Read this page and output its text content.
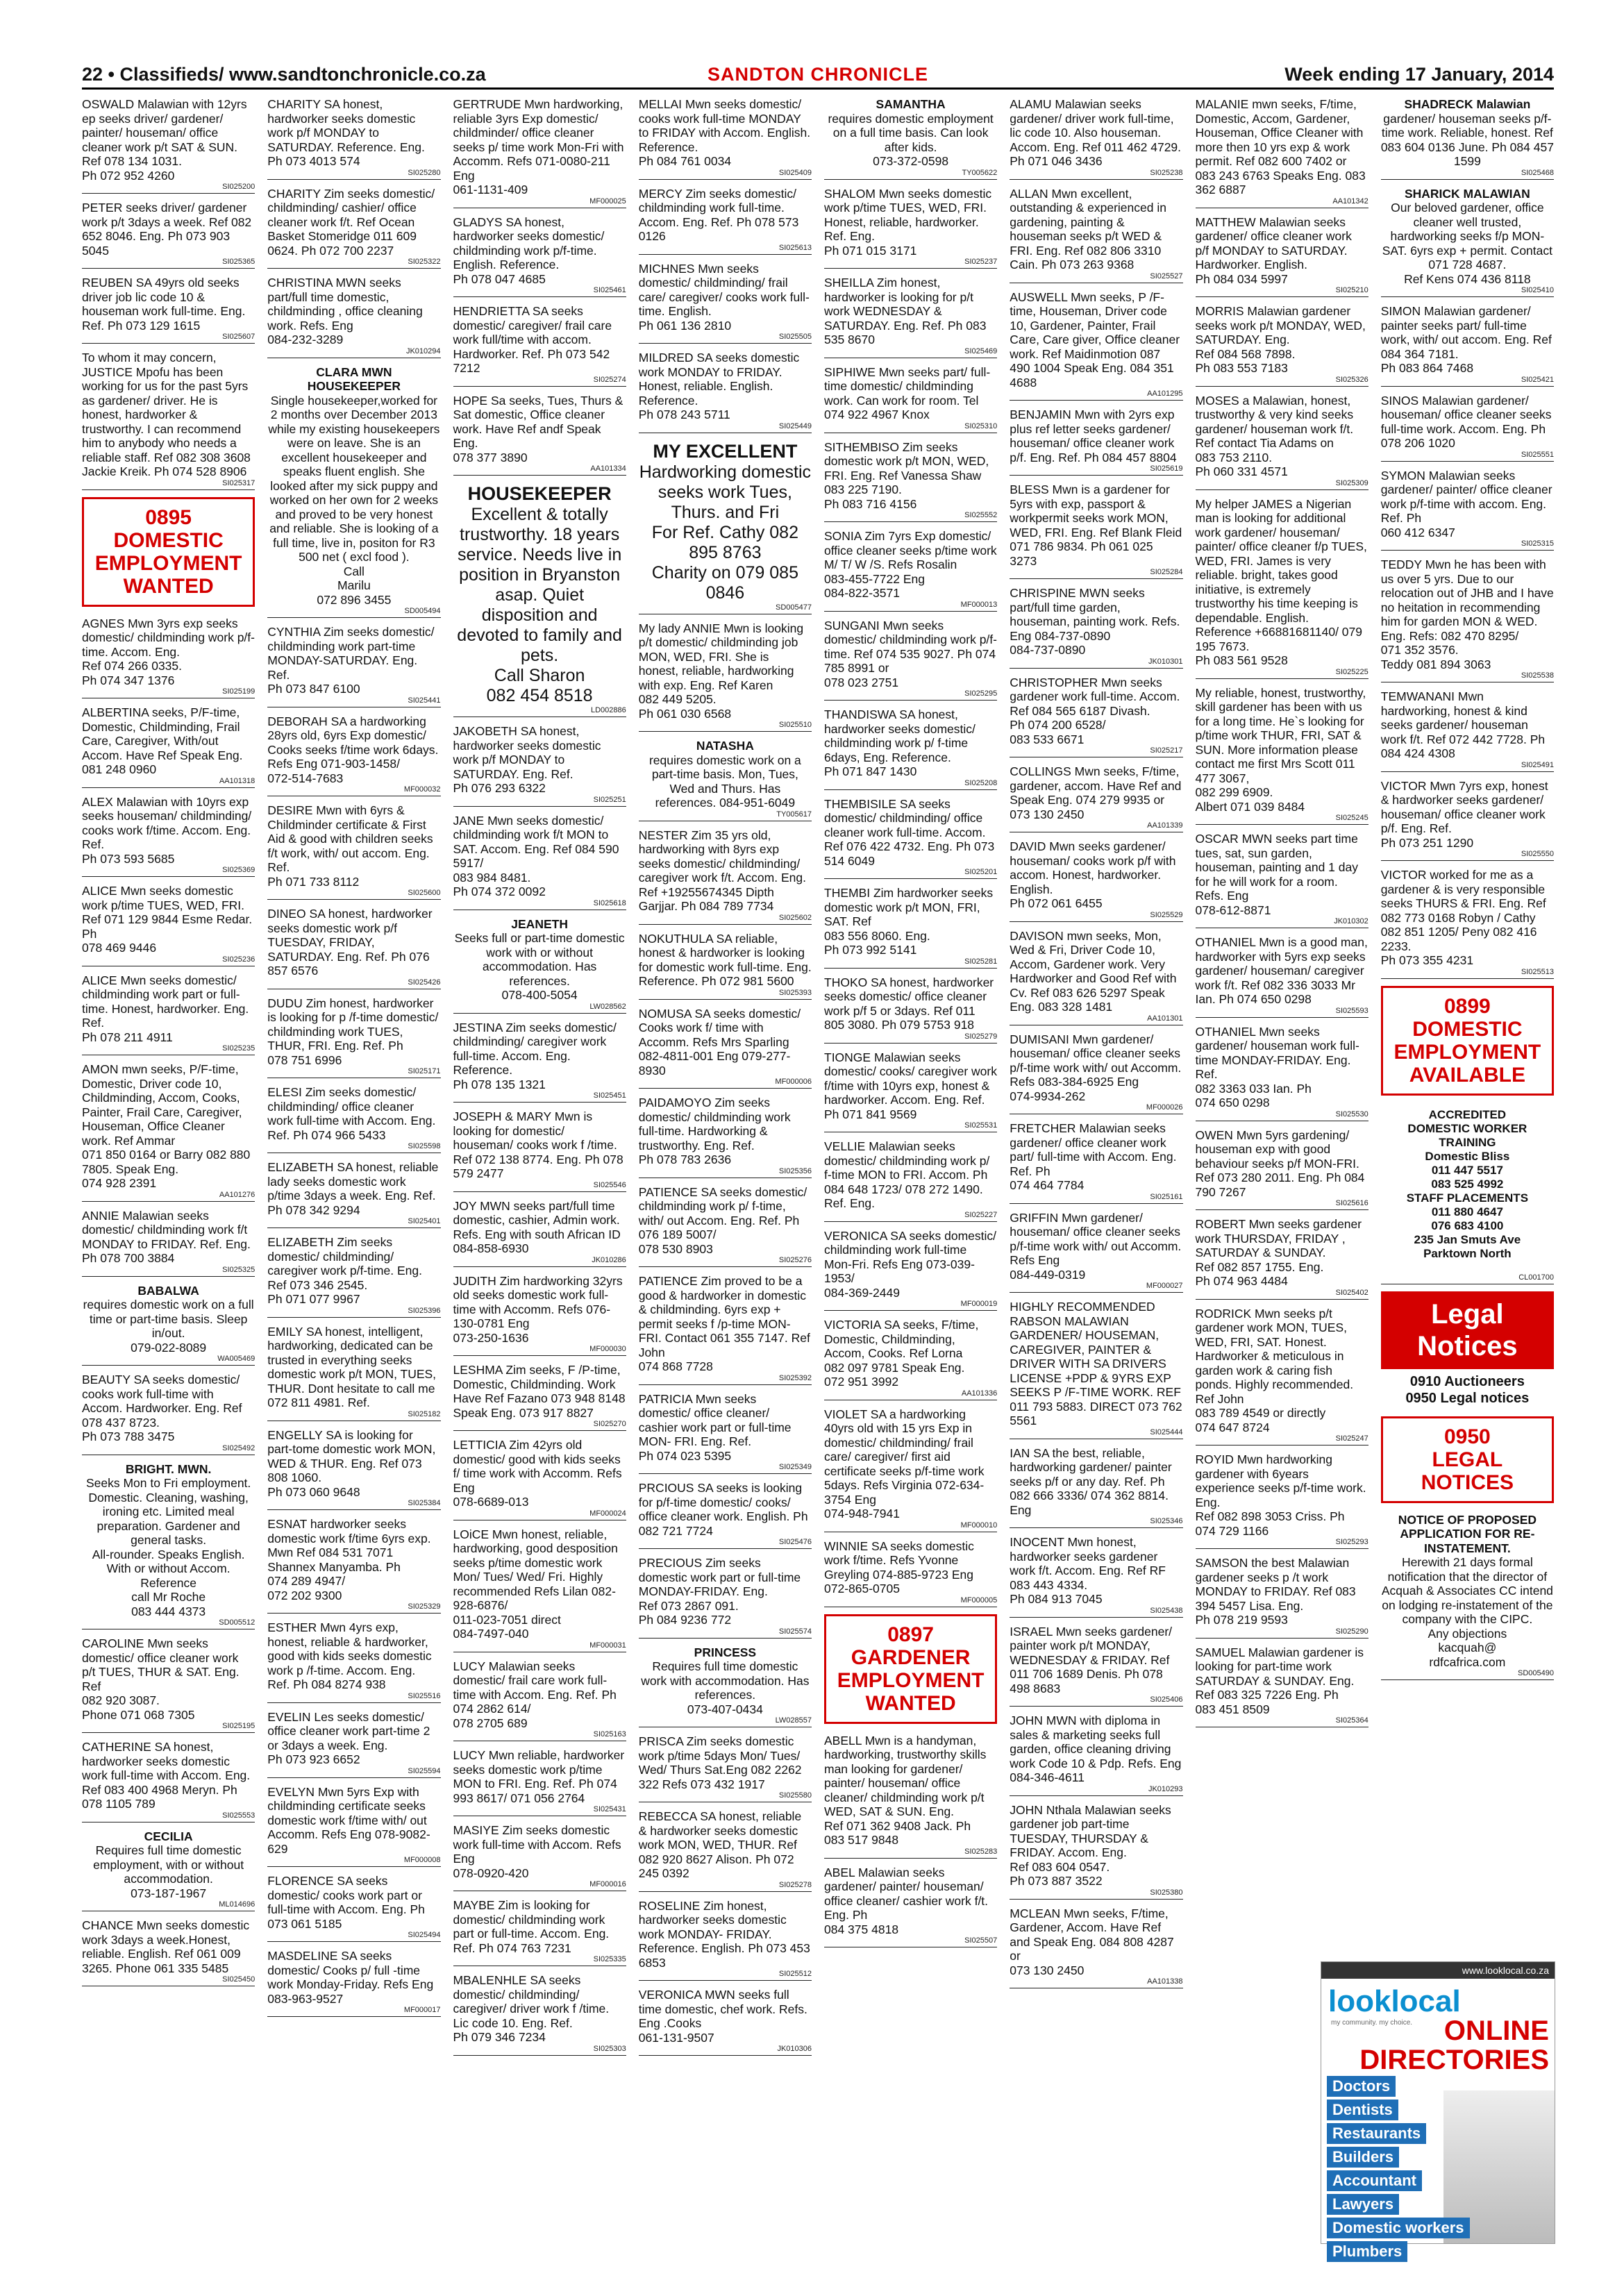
22 • Classifieds/ www.sandtonchronicle.co.za	SANDTON CHRONICLE	Week ending 17 January, 2014
OSWALD Malawian with 12yrs ep seeks driver/ gardener/ painter/ houseman/ office cleaner work p/t SAT & SUN. Ref 078 134 1031.
Ph 072 952 4260
SI025200
PETER seeks driver/ gardener work p/t 3days a week. Ref 082 652 8046. Eng. Ph 073 903 5045
SI025365
REUBEN SA 49yrs old seeks driver job lic code 10 & houseman work full-time. Eng. Ref. Ph 073 129 1615
SI025607
To whom it may concern, JUSTICE Mpofu has been working for us for the past 5yrs as gardener/ driver. He is honest, hardworker & trustworthy. I can recommend him to anybody who needs a reliable staff. Ref 082 308 3608 Jackie Kreik. Ph 074 528 8906
SI025317
0895
DOMESTIC
EMPLOYMENT
WANTED
AGNES Mwn 3yrs exp seeks domestic/ childminding work p/f-time. Accom. Eng.
Ref 074 266 0335.
Ph 074 347 1376
SI025199
ALBERTINA seeks, P/F-time, Domestic, Childminding, Frail Care, Caregiver, With/out Accom. Have Ref Speak Eng.
081 248 0960
AA101318
ALEX Malawian with 10yrs exp seeks houseman/ childminding/ cooks work f/time. Accom. Eng. Ref.
Ph 073 593 5685
SI025369
ALICE Mwn seeks domestic work p/time TUES, WED, FRI. Ref 071 129 9844 Esme Redar. Ph
078 469 9446
SI025236
ALICE Mwn seeks domestic/ childminding work part or full-time. Honest, hardworker. Eng. Ref.
Ph 078 211 4911
SI025235
AMON mwn seeks, P/F-time, Domestic, Driver code 10, Childminding, Accom, Cooks, Painter, Frail Care, Caregiver, Houseman, Office Cleaner work. Ref Ammar
071 850 0164 or Barry 082 880 7805. Speak Eng.
074 928 2391
AA101276
ANNIE Malawian seeks domestic/ childminding work f/t MONDAY to FRIDAY. Ref. Eng. Ph 078 700 3884
SI025325
BABALWA
requires domestic work on a full time or part-time basis. Sleep in/out.
079-022-8089
WA005469
BEAUTY SA seeks domestic/ cooks work full-time with Accom. Hardworker. Eng. Ref 078 437 8723.
Ph 073 788 3475
SI025492
BRIGHT. MWN.
Seeks Mon to Fri employment.
Domestic. Cleaning, washing, ironing etc. Limited meal preparation. Gardener and general tasks.
All-rounder. Speaks English.
With or without Accom.
Reference
call Mr Roche
083 444 4373
SD005512
CAROLINE Mwn seeks domestic/ office cleaner work p/t TUES, THUR & SAT. Eng. Ref
082 920 3087.
Phone 071 068 7305
SI025195
CATHERINE SA honest, hardworker seeks domestic work full-time with Accom. Eng. Ref 083 400 4968 Meryn. Ph 078 1105 789
SI025553
CECILIA
Requires full time domestic employment, with or without accommodation.
073-187-1967
ML014696
CHANCE Mwn seeks domestic work 3days a week.Honest, reliable. English. Ref 061 009 3265. Phone 061 335 5485
SI025450
CHARITY SA honest, hardworker seeks domestic work p/f MONDAY to SATURDAY. Reference. Eng. Ph 073 4013 574
SI025280
CHARITY Zim seeks domestic/ childminding/ cashier/ office cleaner work f/t. Ref Ocean Basket Stomeridge 011 609 0624. Ph 072 700 2237
SI025322
CHRISTINA MWN seeks part/full time domestic, childminding , office cleaning work. Refs. Eng
084-232-3289
JK010294
CLARA MWN
HOUSEKEEPER
Single housekeeper,worked for 2 months over December 2013 while my existing housekeepers were on leave. She is an excellent housekeeper and speaks fluent english. She looked after my sick puppy and worked on her own for 2 weeks and proved to be very honest and reliable. She is looking of a full time, live in, positon for R3 500 net ( excl food ).
Call
Marilu
072 896 3455
SD005494
CYNTHIA Zim seeks domestic/ childminding work part-time MONDAY-SATURDAY. Eng. Ref.
Ph 073 847 6100
SI025441
DEBORAH SA a hardworking 28yrs old, 6yrs Exp domestic/ Cooks seeks f/time work 6days. Refs Eng 071-903-1458/
072-514-7683
MF000032
DESIRE Mwn with 6yrs & Childminder certificate & First Aid & good with children seeks f/t work, with/ out accom. Eng. Ref.
Ph 071 733 8112
SI025600
DINEO SA honest, hardworker seeks domestic work p/f TUESDAY, FRIDAY, SATURDAY. Eng. Ref. Ph 076 857 6576
SI025426
DUDU Zim honest, hardworker is looking for p /f-time domestic/ childminding work TUES, THUR, FRI. Eng. Ref. Ph
078 751 6996
SI025171
ELESI Zim seeks domestic/ childminding/ office cleaner work full-time with Accom. Eng. Ref. Ph 074 966 5433
SI025598
ELIZABETH SA honest, reliable lady seeks domestic work p/time 3days a week. Eng. Ref. Ph 078 342 9294
SI025401
ELIZABETH Zim seeks domestic/ childminding/ caregiver work p/f-time. Eng. Ref 073 346 2545.
Ph 071 077 9967
SI025396
EMILY SA honest, intelligent, hardworking, dedicated can be trusted in everything seeks domestic work p/t MON, TUES, THUR. Dont hesitate to call me 072 811 4981. Ref.
SI025182
ENGELLY SA is looking for part-tome domestic work MON, WED & THUR. Eng. Ref 073 808 1060.
Ph 073 060 9648
SI025384
ESNAT hardworker seeks domestic work f/time 6yrs exp. Mwn Ref 084 531 7071 Shannex Manyamba. Ph
074 289 4947/
072 202 9300
SI025329
ESTHER Mwn 4yrs exp, honest, reliable & hardworker, good with kids seeks domestic work p /f-time. Accom. Eng. Ref. Ph 084 8274 938
SI025516
EVELIN Les seeks domestic/ office cleaner work part-time 2 or 3days a week. Eng.
Ph 073 923 6652
SI025594
EVELYN Mwn 5yrs Exp with childminding certificate seeks domestic work f/time with/ out Accomm. Refs Eng 078-9082-629
MF000008
FLORENCE SA seeks domestic/ cooks work part or full-time with Accom. Eng. Ph 073 061 5185
SI025494
MASDELINE SA seeks domestic/ Cooks p/ full -time work Monday-Friday. Refs Eng 083-963-9527
MF000017
GERTRUDE Mwn hardworking, reliable 3yrs Exp domestic/ childminder/ office cleaner seeks p/ time work Mon-Fri with Accomm. Refs 071-0080-211 Eng
061-1131-409
MF000025
GLADYS SA honest, hardworker seeks domestic/ childminding work p/f-time. English. Reference.
Ph 078 047 4685
SI025461
HENDRIETTA SA seeks domestic/ caregiver/ frail care work full/time with accom. Hardworker. Ref. Ph 073 542 7212
SI025274
HOPE Sa seeks, Tues, Thurs & Sat domestic, Office cleaner work. Have Ref andf Speak Eng.
078 377 3890
AA101334
HOUSEKEEPER
Excellent & totally trustworthy. 18 years service. Needs live in position in Bryanston asap. Quiet disposition and devoted to family and pets.
Call Sharon
082 454 8518
LD002886
JAKOBETH SA honest, hardworker seeks domestic work p/f MONDAY to SATURDAY. Eng. Ref.
Ph 076 293 6322
SI025251
JANE Mwn seeks domestic/ childminding work f/t MON to SAT. Accom. Eng. Ref 084 590 5917/
083 984 8481.
Ph 074 372 0092
SI025618
JEANETH
Seeks full or part-time domestic work with or without accommodation. Has references.
078-400-5054
LW028562
JESTINA Zim seeks domestic/ childminding/ caregiver work full-time. Accom. Eng. Reference.
Ph 078 135 1321
SI025451
JOSEPH & MARY Mwn is looking for domestic/ houseman/ cooks work f /time. Ref 072 138 8774. Eng. Ph 078 579 2477
SI025546
JOY MWN seeks part/full time domestic, cashier, Admin work. Refs. Eng with south African ID
084-858-6930
JK010286
JUDITH Zim hardworking 32yrs old seeks domestic work full-time with Accomm. Refs 076-130-0781 Eng
073-250-1636
MF000030
LESHMA Zim seeks, F /P-time, Domestic, Childminding. Work Have Ref Fazano 073 948 8148 Speak Eng. 073 917 8827
SI025270
LETTICIA Zim 42yrs old domestic/ good with kids seeks f/ time work with Accomm. Refs Eng
078-6689-013
MF000024
LOiCE Mwn honest, reliable, hardworking, good desposition seeks p/time domestic work Mon/ Tues/ Wed/ Fri. Highly recommended Refs Lilan 082-928-6876/
011-023-7051 direct
084-7497-040
MF000031
LUCY Malawian seeks domestic/ frail care work full-time with Accom. Eng. Ref. Ph 074 2862 614/
078 2705 689
SI025163
LUCY Mwn reliable, hardworker seeks domestic work p/time MON to FRI. Eng. Ref. Ph 074 993 8617/ 071 056 2764
SI025431
MASIYE Zim seeks domestic work full-time with Accom. Refs Eng
078-0920-420
MF000016
MAYBE Zim is looking for domestic/ childminding work part or full-time. Accom. Eng. Ref. Ph 074 763 7231
SI025335
MBALENHLE SA seeks domestic/ childminding/ caregiver/ driver work f /time. Lic code 10. Eng. Ref.
Ph 079 346 7234
SI025303
MELLAI Mwn seeks domestic/ cooks work full-time MONDAY to FRIDAY with Accom. English. Reference.
Ph 084 761 0034
SI025409
MERCY Zim seeks domestic/ childminding work full-time. Accom. Eng. Ref. Ph 078 573 0126
SI025613
MICHNES Mwn seeks domestic/ childminding/ frail care/ caregiver/ cooks work full-time. English.
Ph 061 136 2810
SI025505
MILDRED SA seeks domestic work MONDAY to FRIDAY. Honest, reliable. English. Reference.
Ph 078 243 5711
SI025449
MY EXCELLENT
Hardworking domestic seeks work Tues, Thurs. and Fri
For Ref. Cathy 082 895 8763
Charity on 079 085 0846
SD005477
My lady ANNIE Mwn is looking p/t domestic/ childminding job MON, WED, FRI. She is honest, reliable, hardworking with exp. Eng. Ref Karen
082 449 5205.
Ph 061 030 6568
SI025510
NATASHA
requires domestic work on a part-time basis. Mon, Tues, Wed and Thurs. Has references. 084-951-6049
TY005617
NESTER Zim 35 yrs old, hardworking with 8yrs exp seeks domestic/ childminding/ caregiver work f/t. Accom. Eng. Ref +19255674345 Dipth Garjjar. Ph 084 789 7734
SI025602
NOKUTHULA SA reliable, honest & hardworker is looking for domestic work full-time. Eng. Reference. Ph 072 981 5600
SI025393
NOMUSA SA seeks domestic/ Cooks work f/ time with Accomm. Refs Mrs Sparling 082-4811-001 Eng 079-277-8930
MF000006
PAIDAMOYO Zim seeks domestic/ childminding work full-time. Hardworking & trustworthy. Eng. Ref.
Ph 078 783 2636
SI025356
PATIENCE SA seeks domestic/ childminding work p/ f-time, with/ out Accom. Eng. Ref. Ph 076 189 5007/
078 530 8903
SI025276
PATIENCE Zim proved to be a good & hardworker in domestic & childminding. 6yrs exp + permit seeks f /p-time MON- FRI. Contact 061 355 7147. Ref John
074 868 7728
SI025392
PATRICIA Mwn seeks domestic/ office cleaner/ cashier work part or full-time MON- FRI. Eng. Ref.
Ph 074 023 5395
SI025349
PRCIOUS SA seeks is looking for p/f-time domestic/ cooks/ office cleaner work. English. Ph 082 721 7724
SI025476
PRECIOUS Zim seeks domestic work part or full-time MONDAY-FRIDAY. Eng.
Ref 073 2867 091.
Ph 084 9236 772
SI025574
PRINCESS
Requires full time domestic work with accommodation. Has references.
073-407-0434
LW028557
PRISCA Zim seeks domestic work p/time 5days Mon/ Tues/ Wed/ Thurs Sat.Eng 082 2262 322 Refs 073 432 1917
SI025580
REBECCA SA honest, reliable & hardworker seeks domestic work MON, WED, THUR. Ref 082 920 8627 Alison. Ph 072 245 0392
SI025278
ROSELINE Zim honest, hardworker seeks domestic work MONDAY- FRIDAY. Reference. English. Ph 073 453 6853
SI025512
VERONICA MWN seeks full time domestic, chef work. Refs. Eng .Cooks
061-131-9507
JK010306
SAMANTHA
requires domestic employment on a full time basis. Can look after kids.
073-372-0598
TY005622
SHALOM Mwn seeks domestic work p/time TUES, WED, FRI. Honest, reliable, hardworker. Ref. Eng.
Ph 071 015 3171
SI025237
SHEILLA Zim honest, hardworker is looking for p/t work WEDNESDAY & SATURDAY. Eng. Ref. Ph 083 535 8670
SI025469
SIPHIWE Mwn seeks part/ full-time domestic/ childminding work. Can work for room. Tel
074 922 4967 Knox
SI025310
SITHEMBISO Zim seeks domestic work p/t MON, WED, FRI. Eng. Ref Vanessa Shaw
083 225 7190.
Ph 083 716 4156
SI025552
SONIA Zim 7yrs Exp domestic/ office cleaner seeks p/time work M/ T/ W /S. Refs Rosalin
083-455-7722 Eng
084-822-3571
MF000013
SUNGANI Mwn seeks domestic/ childminding work p/f-time. Ref 074 535 9027. Ph 074 785 8991 or
078 023 2751
SI025295
THANDISWA SA honest, hardworker seeks domestic/ childminding work p/ f-time 6days, Eng. Reference.
Ph 071 847 1430
SI025208
THEMBISILE SA seeks domestic/ childminding/ office cleaner work full-time. Accom. Ref 076 422 4732. Eng. Ph 073 514 6049
SI025201
THEMBI Zim hardworker seeks domestic work p/t MON, FRI, SAT. Ref
083 556 8060. Eng.
Ph 073 992 5141
SI025281
THOKO SA honest, hardworker seeks domestic/ office cleaner work p/f 5 or 3days. Ref 011 805 3080. Ph 079 5753 918
SI025279
TIONGE Malawian seeks domestic/ cooks/ caregiver work f/time with 10yrs exp, honest & hardworker. Accom. Eng. Ref.
Ph 071 841 9569
SI025531
VELLIE Malawian seeks domestic/ childminding work p/ f-time MON to FRI. Accom. Ph 084 648 1723/ 078 272 1490. Ref. Eng.
SI025227
VERONICA SA seeks domestic/ childminding work full-time Mon-Fri. Refs Eng 073-039-1953/
084-369-2449
MF000019
VICTORIA SA seeks, F/time, Domestic, Childminding, Accom, Cooks. Ref Lorna
082 097 9781 Speak Eng.
072 951 3992
AA101336
VIOLET SA a hardworking 40yrs old with 15 yrs Exp in domestic/ childminding/ frail care/ caregiver/ first aid certificate seeks p/f-time work 5days. Refs Virginia 072-634-3754 Eng
074-948-7941
MF000010
WINNIE SA seeks domestic work f/time. Refs Yvonne Greyling 074-885-9723 Eng
072-865-0705
MF000005
0897
GARDENER
EMPLOYMENT
WANTED
ABELL Mwn is a handyman, hardworking, trustworthy skills man looking for gardener/ painter/ houseman/ office cleaner/ childminding work p/t WED, SAT & SUN. Eng.
Ref 071 362 9408 Jack. Ph
083 517 9848
SI025283
ABEL Malawian seeks gardener/ painter/ houseman/ office cleaner/ cashier work f/t. Eng. Ph
084 375 4818
SI025507
ALAMU Malawian seeks gardener/ driver work full-time, lic code 10. Also houseman. Accom. Eng. Ref 011 462 4729.
Ph 071 046 3436
SI025238
ALLAN Mwn excellent, outstanding & experienced in gardening, painting & houseman seeks p/t WED & FRI. Eng. Ref 082 806 3310 Cain. Ph 073 263 9368
SI025527
AUSWELL Mwn seeks, P /F-time, Houseman, Driver code 10, Gardener, Painter, Frail Care, Care giver, Office cleaner work. Ref Maidinmotion 087 490 1004 Speak Eng. 084 351 4688
AA101295
BENJAMIN Mwn with 2yrs exp plus ref letter seeks gardener/ houseman/ office cleaner work p/f. Eng. Ref. Ph 084 457 8804
SI025619
BLESS Mwn is a gardener for 5yrs with exp, passport & workpermit seeks work MON, WED, FRI. Eng. Ref Blank Fleid 071 786 9834. Ph 061 025 3273
SI025284
CHRISPINE MWN seeks part/full time garden, houseman, painting work. Refs. Eng 084-737-0890
084-737-0890
JK010301
CHRISTOPHER Mwn seeks gardener work full-time. Accom. Ref 084 565 6187 Divash.
Ph 074 200 6528/
083 533 6671
SI025217
COLLINGS Mwn seeks, F/time, gardener, accom. Have Ref and Speak Eng. 074 279 9935 or
073 130 2450
AA101339
DAVID Mwn seeks gardener/ houseman/ cooks work p/f with accom. Honest, hardworker. English.
Ph 072 061 6455
SI025529
DAVISON mwn seeks, Mon, Wed & Fri, Driver Code 10, Accom, Gardener work. Very Hardworker and Good Ref with Cv. Ref 083 626 5297 Speak Eng. 083 328 1481
AA101301
DUMISANI Mwn gardener/ houseman/ office cleaner seeks p/f-time work with/ out Accomm. Refs 083-384-6925 Eng
074-9934-262
MF000026
FRETCHER Malawian seeks gardener/ office cleaner work part/ full-time with Accom. Eng. Ref. Ph
074 464 7784
SI025161
GRIFFIN Mwn gardener/ houseman/ office cleaner seeks p/f-time work with/ out Accomm. Refs Eng
084-449-0319
MF000027
HIGHLY RECOMMENDED RABSON MALAWIAN GARDENER/ HOUSEMAN, CAREGIVER, PAINTER & DRIVER WITH SA DRIVERS LICENSE +PDP & 9YRS EXP SEEKS P /F-TIME WORK. REF 011 793 5883. DIRECT 073 762 5561
SI025444
IAN SA the best, reliable, hardworking gardener/ painter seeks p/f or any day. Ref. Ph 082 666 3336/ 074 362 8814. Eng
SI025346
INOCENT Mwn honest, hardworker seeks gardener work f/t. Accom. Eng. Ref RF 083 443 4334.
Ph 084 913 7045
SI025438
ISRAEL Mwn seeks gardener/ painter work p/t MONDAY, WEDNESDAY & FRIDAY. Ref 011 706 1689 Denis. Ph 078 498 8683
SI025406
JOHN MWN with diploma in sales & marketing seeks full garden, office cleaning driving work Code 10 & Pdp. Refs. Eng
084-346-4611
JK010293
JOHN Nthala Malawian seeks gardener job part-time TUESDAY, THURSDAY & FRIDAY. Accom. Eng.
Ref 083 604 0547.
Ph 073 887 3522
SI025380
MCLEAN Mwn seeks, F/time, Gardener, Accom. Have Ref and Speak Eng. 084 808 4287 or
073 130 2450
AA101338
MALANIE mwn seeks, F/time, Domestic, Accom, Gardener, Houseman, Office Cleaner with more then 10 yrs exp & work permit. Ref 082 600 7402 or 083 243 6763 Speaks Eng. 083 362 6887
AA101342
MATTHEW Malawian seeks gardener/ office cleaner work p/f MONDAY to SATURDAY. Hardworker. English.
Ph 084 034 5997
SI025210
MORRIS Malawian gardener seeks work p/t MONDAY, WED, SATURDAY. Eng.
Ref 084 568 7898.
Ph 083 553 7183
SI025326
MOSES a Malawian, honest, trustworthy & very kind seeks gardener/ houseman work f/t. Ref contact Tia Adams on
083 753 2110.
Ph 060 331 4571
SI025309
My helper JAMES a Nigerian man is looking for additional work gardener/ houseman/ painter/ office cleaner f/p TUES, WED, FRI. James is very reliable. bright, takes good initiative, is extremely trustworthy his time keeping is dependable. English.
Reference +66881681140/ 079 195 7673.
Ph 083 561 9528
SI025225
My reliable, honest, trustworthy, skill gardener has been with us for a long time. He`s looking for p/time work THUR, FRI, SAT & SUN. More information please contact me first Mrs Scott 011 477 3067,
082 299 6909.
Albert 071 039 8484
SI025245
OSCAR MWN seeks part time tues, sat, sun garden, houseman, painting and 1 day for he will work for a room. Refs. Eng
078-612-8871
JK010302
OTHANIEL Mwn is a good man, hardworker with 5yrs exp seeks gardener/ houseman/ caregiver work f/t. Ref 082 336 3033 Mr Ian. Ph 074 650 0298
SI025593
OTHANIEL Mwn seeks gardener/ houseman work full-time MONDAY-FRIDAY. Eng. Ref.
082 3363 033 Ian. Ph
074 650 0298
SI025530
OWEN Mwn 5yrs gardening/ houseman exp with good behaviour seeks p/f MON-FRI. Ref 073 280 2011. Eng. Ph 084 790 7267
SI025616
ROBERT Mwn seeks gardener work THURSDAY, FRIDAY , SATURDAY & SUNDAY.
Ref 082 857 1755. Eng.
Ph 074 963 4484
SI025402
RODRICK Mwn seeks p/t gardener work MON, TUES, WED, FRI, SAT. Honest. Hardworker & meticulous in garden work & caring fish ponds. Highly recommended. Ref John
083 789 4549 or directly
074 647 8724
SI025247
ROYID Mwn hardworking gardener with 6years experience seeks p/f-time work. Eng.
Ref 082 898 3053 Criss. Ph
074 729 1166
SI025293
SAMSON the best Malawian gardener seeks p /t work MONDAY to FRIDAY. Ref 083 394 5457 Lisa. Eng.
Ph 078 219 9593
SI025290
SAMUEL Malawian gardener is looking for part-time work SATURDAY & SUNDAY. Eng.
Ref 083 325 7226 Eng. Ph
083 451 8509
SI025364
SHADRECK Malawian
gardener/ houseman seeks p/f-time work. Reliable, honest. Ref 083 604 0136 June. Ph 084 457 1599
SI025468
SHARICK MALAWIAN
Our beloved gardener, office cleaner well trusted, hardworking seeks f/p MON- SAT. 6yrs exp + permit. Contact
071 728 4687.
Ref Kens 074 436 8118
SI025410
SIMON Malawian gardener/ painter seeks part/ full-time work, with/ out accom. Eng. Ref 084 364 7181.
Ph 083 864 7468
SI025421
SINOS Malawian gardener/ houseman/ office cleaner seeks full-time work. Accom. Eng. Ph
078 206 1020
SI025551
SYMON Malawian seeks gardener/ painter/ office cleaner work p/f-time with accom. Eng. Ref. Ph
060 412 6347
SI025315
TEDDY Mwn he has been with us over 5 yrs. Due to our relocation out of JHB and I have no heitation in recommending him for garden MON & WED. Eng. Refs: 082 470 8295/
071 352 3576.
Teddy 081 894 3063
SI025538
TEMWANANI Mwn hardworking, honest & kind seeks gardener/ houseman work f/t. Ref 072 442 7728. Ph 084 424 4308
SI025491
VICTOR Mwn 7yrs exp, honest & hardworker seeks gardener/ houseman/ office cleaner work p/f. Eng. Ref.
Ph 073 251 1290
SI025550
VICTOR worked for me as a gardener & is very responsible seeks THURS & FRI. Eng. Ref
082 773 0168 Robyn / Cathy 082 851 1205/ Peny 082 416 2233.
Ph 073 355 4231
SI025513
0899
DOMESTIC
EMPLOYMENT
AVAILABLE
ACCREDITED
DOMESTIC WORKER
TRAINING
Domestic Bliss
011 447 5517
083 525 4992
STAFF PLACEMENTS
011 880 4647
076 683 4100
235 Jan Smuts Ave
Parktown North
CL001700
Legal
Notices
0910 Auctioneers
0950 Legal notices
0950
LEGAL NOTICES
NOTICE OF PROPOSED APPLICATION FOR RE-INSTATEMENT.
Herewith 21 days formal notification that the director of Acquah & Associates CC intend on lodging re-instatement of the company with the CIPC.
Any objections
kacquah@
rdfcafrica.com
SD005490
www.looklocal.co.za
looklocal
my community. my choice.	ONLINE
DIRECTORIES
Doctors
Dentists
Restaurants
Builders
Accountant
Lawyers
Domestic workers
Plumbers
